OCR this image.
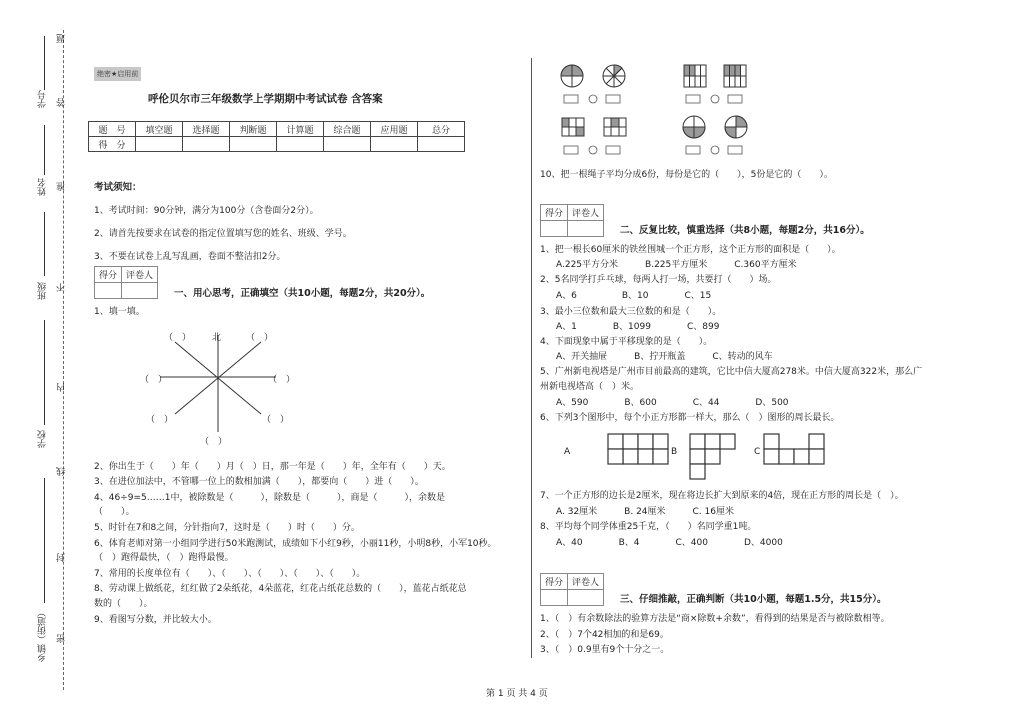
学号
姓名
班级
学校
乡镇（街道）
题
答
准
不
内
线
封
密
绝密★启用前
呼伦贝尔市三年级数学上学期期中考试试卷 含答案
题　号	填空题	选择题	判断题	计算题	综合题	应用题	总分
得　分							
考试须知：
1、考试时间：90分钟，满分为100分（含卷面分2分）。
2、请首先按要求在试卷的指定位置填写您的姓名、班级、学号。
3、不要在试卷上乱写乱画，卷面不整洁扣2分。
得分	评卷人

一、用心思考，正确填空（共10小题，每题2分，共20分）。
1、填一填。
（　） 北	（　）
（　）	（　）
（　）	（　）
（　）
2、你出生于（　　）年（　　）月（　）日，那一年是（　　）年，全年有（　　）天。
3、在进位加法中，不管哪一位上的数相加满（　　），都要向（　　）进（　　）。
4、46÷9=5……1中，被除数是（　　　），除数是（　　　），商是（　　　），余数是
（　　）。
5、时针在7和8之间，分针指向7，这时是（　　）时（　　）分。
6、体育老师对第一小组同学进行50米跑测试，成绩如下小红9秒，小丽11秒，小明8秒，小军10秒。
（　）跑得最快，（　）跑得最慢。
7、常用的长度单位有（　　）、（　　）、（　　）、（　　）、（　　）。
8、劳动课上做纸花，红红做了2朵纸花，4朵蓝花，红花占纸花总数的（　　），蓝花占纸花总
数的（　　）。
9、看图写分数，并比较大小。
10、把一根绳子平均分成6份，每份是它的（　　），5份是它的（　　）。
得分	评卷人

二、反复比较，慎重选择（共8小题，每题2分，共16分）。
1、把一根长60厘米的铁丝围城一个正方形，这个正方形的面积是（　　）。
A.225平方分米　　　B.225平方厘米　　　C.360平方厘米
2、5名同学打乒乓球，每两人打一场，共要打（　　）场。
A、6　　　　　B、10　　　　C、15
3、最小三位数和最大三位数的和是（　　）。
A、1　　　　B、1099　　　　C、899
4、下面现象中属于平移现象的是（　　）。
A、开关抽屉　　　B、拧开瓶盖　　　C、转动的风车
5、广州新电视塔是广州市目前最高的建筑，它比中信大厦高278米。中信大厦高322米，那么广
州新电视塔高（　）米。
A、590　　　　B、600　　　　C、44　　　　D、500
6、下列3个图形中，每个小正方形都一样大，那么（　）图形的周长最长。
A	B	C
7、一个正方形的边长是2厘米，现在将边长扩大到原来的4倍，现在正方形的周长是（　）。
A. 32厘米　　　B. 24厘米　　　C. 16厘米
8、平均每个同学体重25千克，（　　）名同学重1吨。
A、40　　　　B、4　　　　C、400　　　　D、4000
得分	评卷人

三、仔细推敲，正确判断（共10小题，每题1.5分，共15分）。
1、（　）有余数除法的验算方法是“商×除数+余数”，看得到的结果是否与被除数相等。
2、（　）7个42相加的和是69。
3、（　）0.9里有9个十分之一。
第 1 页 共 4 页
